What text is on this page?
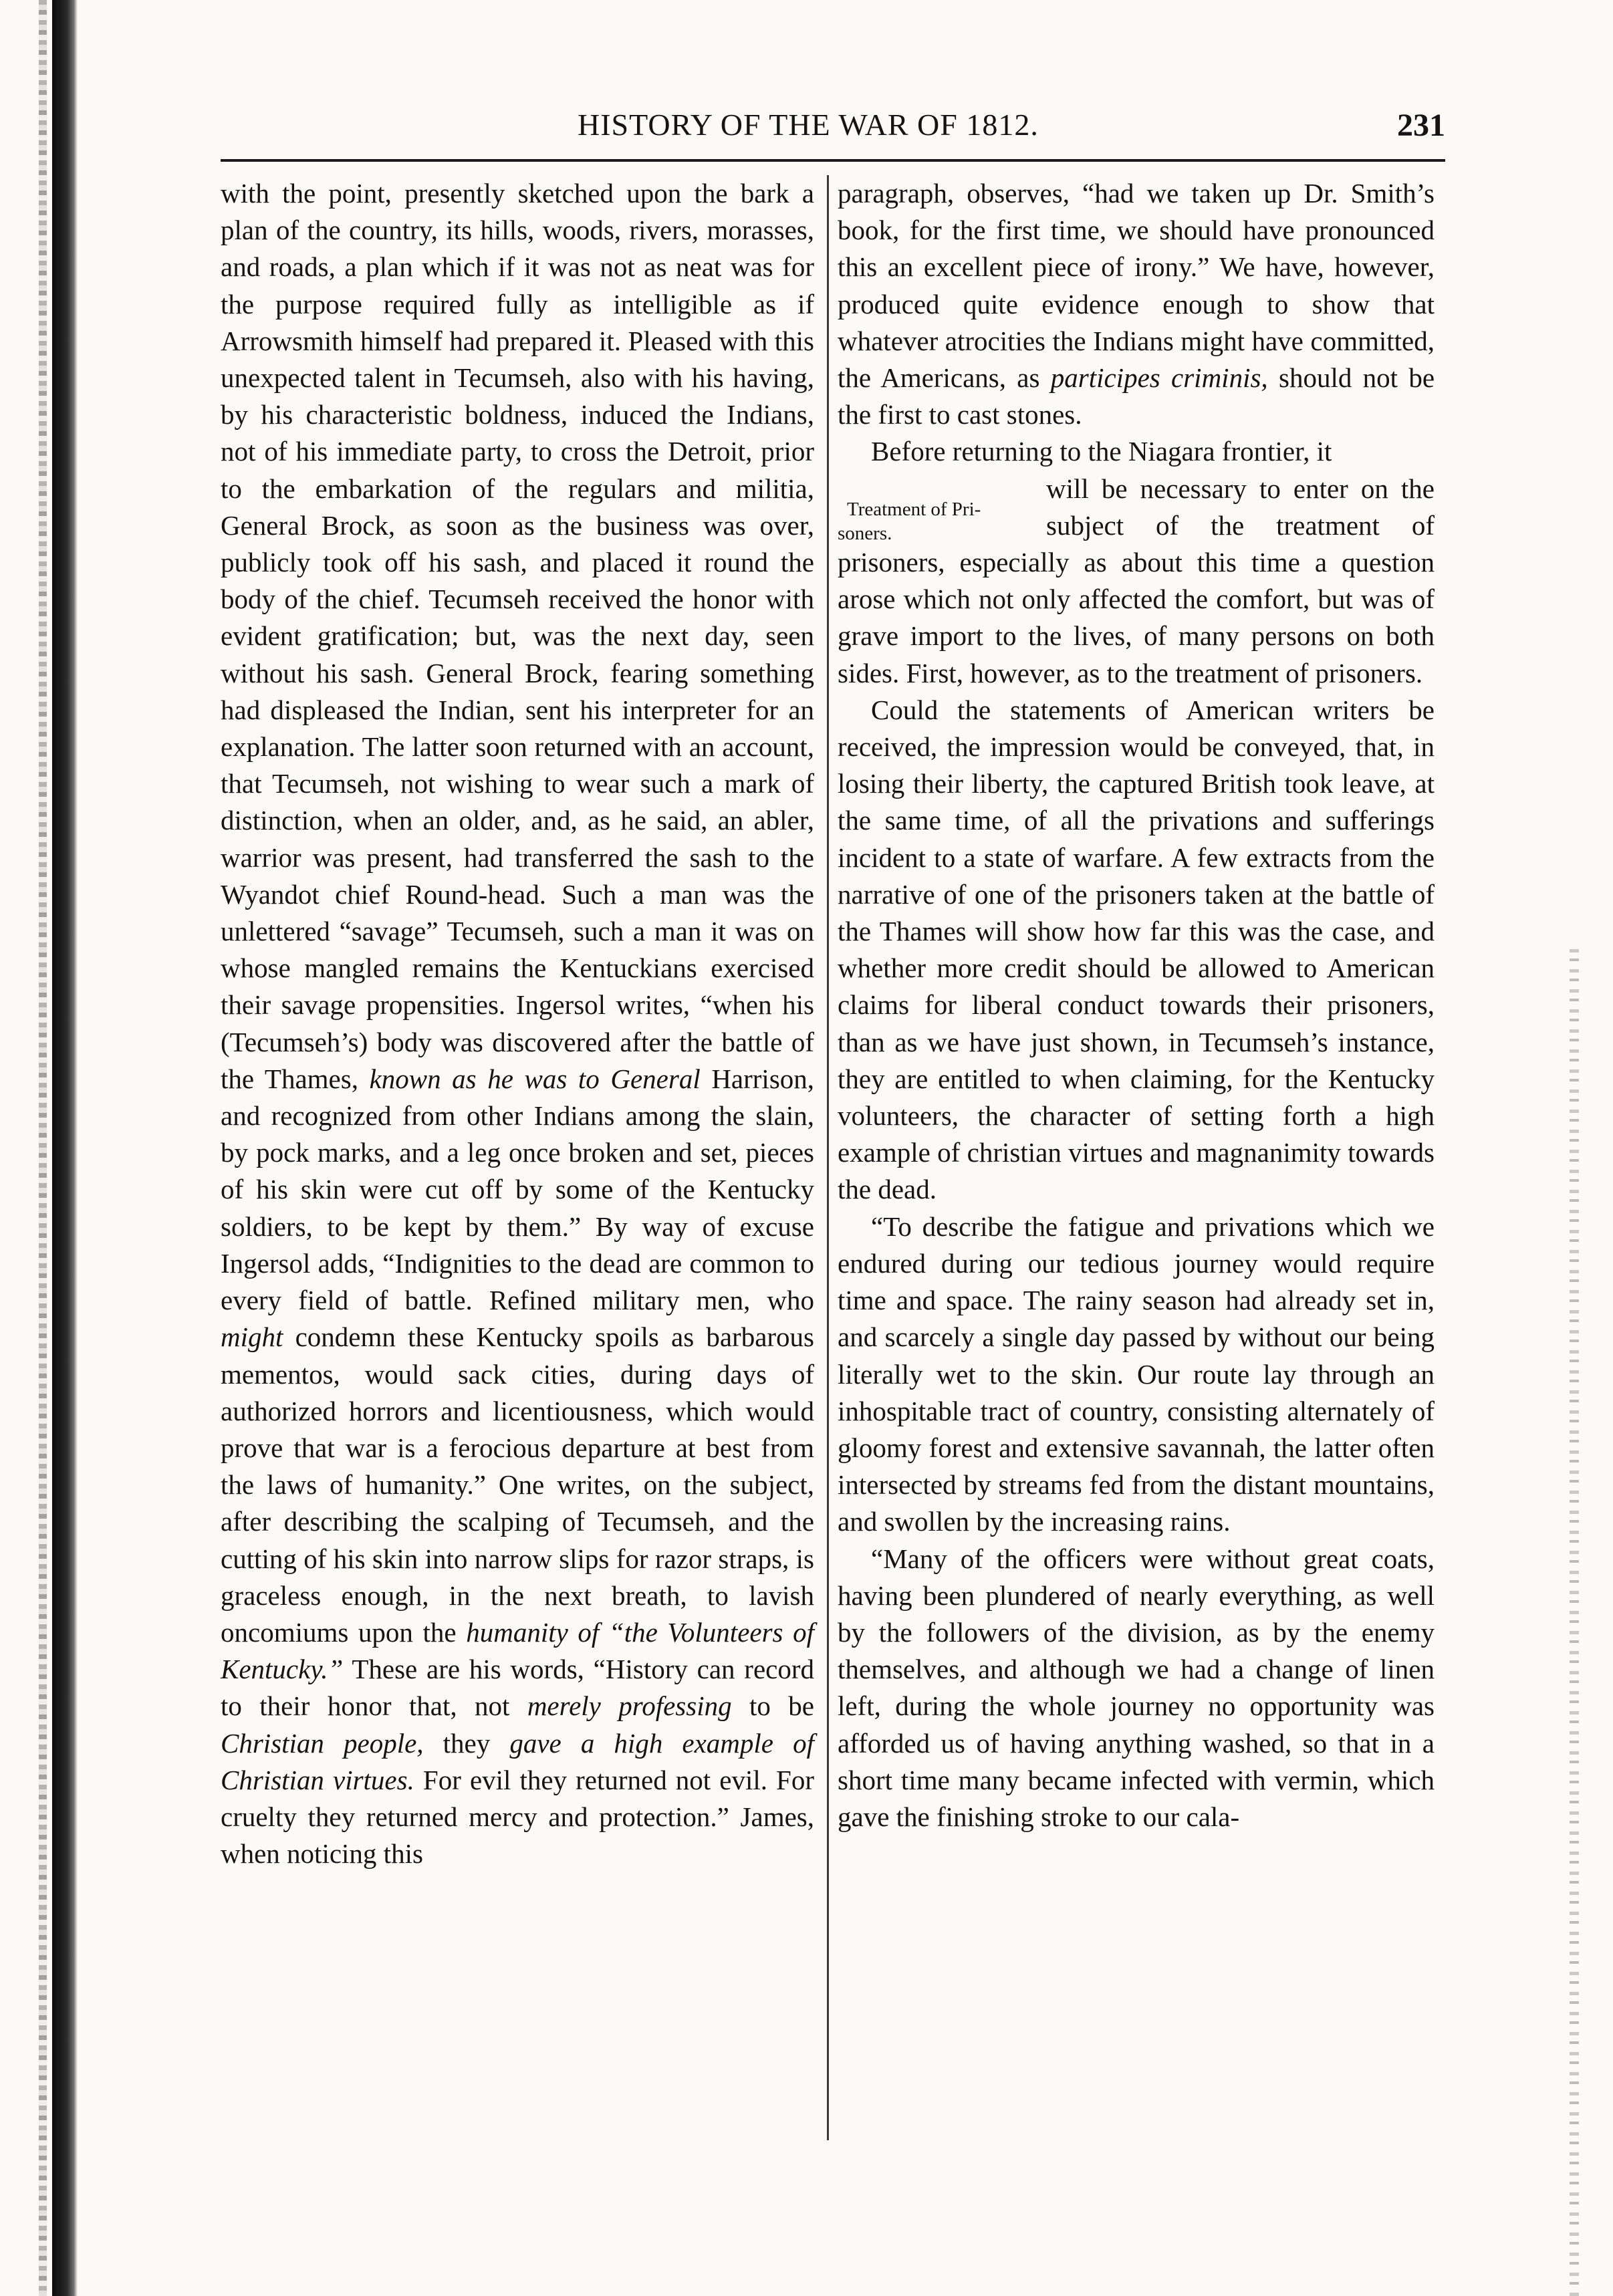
HISTORY OF THE WAR OF 1812.	231

with the point, presently sketched upon the bark a plan of the country, its hills, woods, rivers, morasses, and roads, a plan which if it was not as neat was for the purpose required fully as intelligible as if Arrowsmith himself had prepared it. Pleased with this unexpected talent in Tecumseh, also with his having, by his characteristic boldness, induced the Indians, not of his immediate party, to cross the Detroit, prior to the embarkation of the regulars and militia, General Brock, as soon as the business was over, publicly took off his sash, and placed it round the body of the chief. Tecumseh received the honor with evident gratification; but, was the next day, seen without his sash. General Brock, fearing something had displeased the Indian, sent his interpreter for an explanation. The latter soon returned with an account, that Tecumseh, not wishing to wear such a mark of distinction, when an older, and, as he said, an abler, warrior was present, had transferred the sash to the Wyandot chief Round-head. Such a man was the unlettered “savage” Tecumseh, such a man it was on whose mangled remains the Kentuckians exercised their savage propensities. Ingersol writes, “when his (Tecumseh’s) body was discovered after the battle of the Thames, known as he was to General Harrison, and recognized from other Indians among the slain, by pock marks, and a leg once broken and set, pieces of his skin were cut off by some of the Kentucky soldiers, to be kept by them.” By way of excuse Ingersol adds, “Indignities to the dead are common to every field of battle. Refined military men, who might condemn these Kentucky spoils as barbarous mementos, would sack cities, during days of authorized horrors and licentiousness, which would prove that war is a ferocious departure at best from the laws of humanity.” One writes, on the subject, after describing the scalping of Tecumseh, and the cutting of his skin into narrow slips for razor straps, is graceless enough, in the next breath, to lavish oncomiums upon the humanity of “the Volunteers of Kentucky.” These are his words, “History can record to their honor that, not merely professing to be Christian people, they gave a high example of Christian virtues. For evil they returned not evil. For cruelty they returned mercy and protection.” James, when noticing this

paragraph, observes, “had we taken up Dr. Smith’s book, for the first time, we should have pronounced this an excellent piece of irony.” We have, however, produced quite evidence enough to show that whatever atrocities the Indians might have committed, the Americans, as participes criminis, should not be the first to cast stones.

Before returning to the Niagara frontier, it

Treatment of Pri-
soners.

will be necessary to enter on the subject of the treatment of prisoners, especially as about this time a question arose which not only affected the comfort, but was of grave import to the lives, of many persons on both sides. First, however, as to the treatment of prisoners.

Could the statements of American writers be received, the impression would be conveyed, that, in losing their liberty, the captured British took leave, at the same time, of all the privations and sufferings incident to a state of warfare. A few extracts from the narrative of one of the prisoners taken at the battle of the Thames will show how far this was the case, and whether more credit should be allowed to American claims for liberal conduct towards their prisoners, than as we have just shown, in Tecumseh’s instance, they are entitled to when claiming, for the Kentucky volunteers, the character of setting forth a high example of christian virtues and magnanimity towards the dead.

“To describe the fatigue and privations which we endured during our tedious journey would require time and space. The rainy season had already set in, and scarcely a single day passed by without our being literally wet to the skin. Our route lay through an inhospitable tract of country, consisting alternately of gloomy forest and extensive savannah, the latter often intersected by streams fed from the distant mountains, and swollen by the increasing rains.

“Many of the officers were without great coats, having been plundered of nearly everything, as well by the followers of the division, as by the enemy themselves, and although we had a change of linen left, during the whole journey no opportunity was afforded us of having anything washed, so that in a short time many became infected with vermin, which gave the finishing stroke to our cala-
